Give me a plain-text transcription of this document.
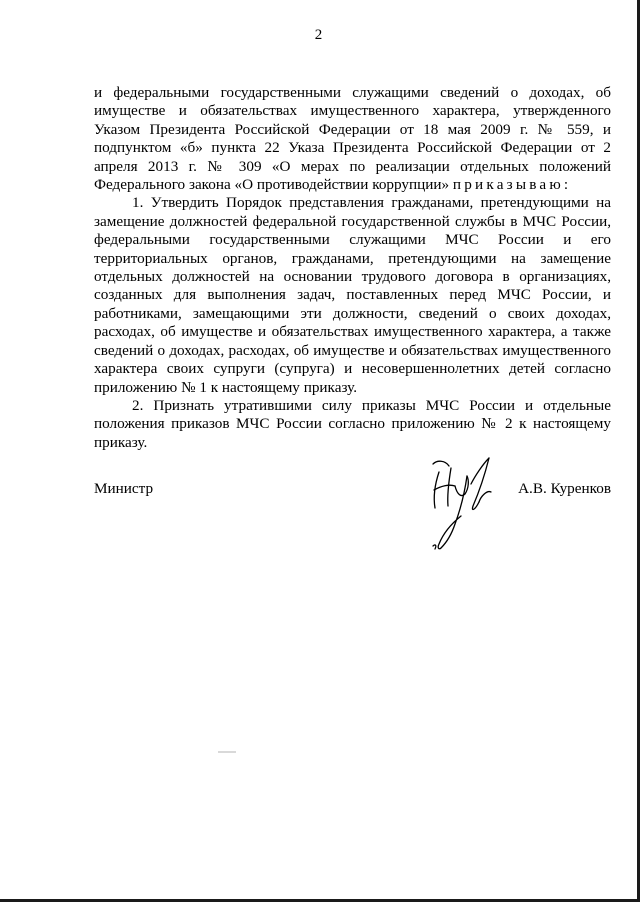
2

и федеральными государственными служащими сведений о доходах, об имуществе и обязательствах имущественного характера, утвержденного Указом Президента Российской Федерации от 18 мая 2009 г. № 559, и подпунктом «б» пункта 22 Указа Президента Российской Федерации от 2 апреля 2013 г. № 309 «О мерах по реализации отдельных положений Федерального закона «О противодействии коррупции» приказываю:

1. Утвердить Порядок представления гражданами, претендующими на замещение должностей федеральной государственной службы в МЧС России, федеральными государственными служащими МЧС России и его территориальных органов, гражданами, претендующими на замещение отдельных должностей на основании трудового договора в организациях, созданных для выполнения задач, поставленных перед МЧС России, и работниками, замещающими эти должности, сведений о своих доходах, расходах, об имуществе и обязательствах имущественного характера, а также сведений о доходах, расходах, об имуществе и обязательствах имущественного характера своих супруги (супруга) и несовершеннолетних детей согласно приложению № 1 к настоящему приказу.

2. Признать утратившими силу приказы МЧС России и отдельные положения приказов МЧС России согласно приложению № 2 к настоящему приказу.

Министр	А.В. Куренков
